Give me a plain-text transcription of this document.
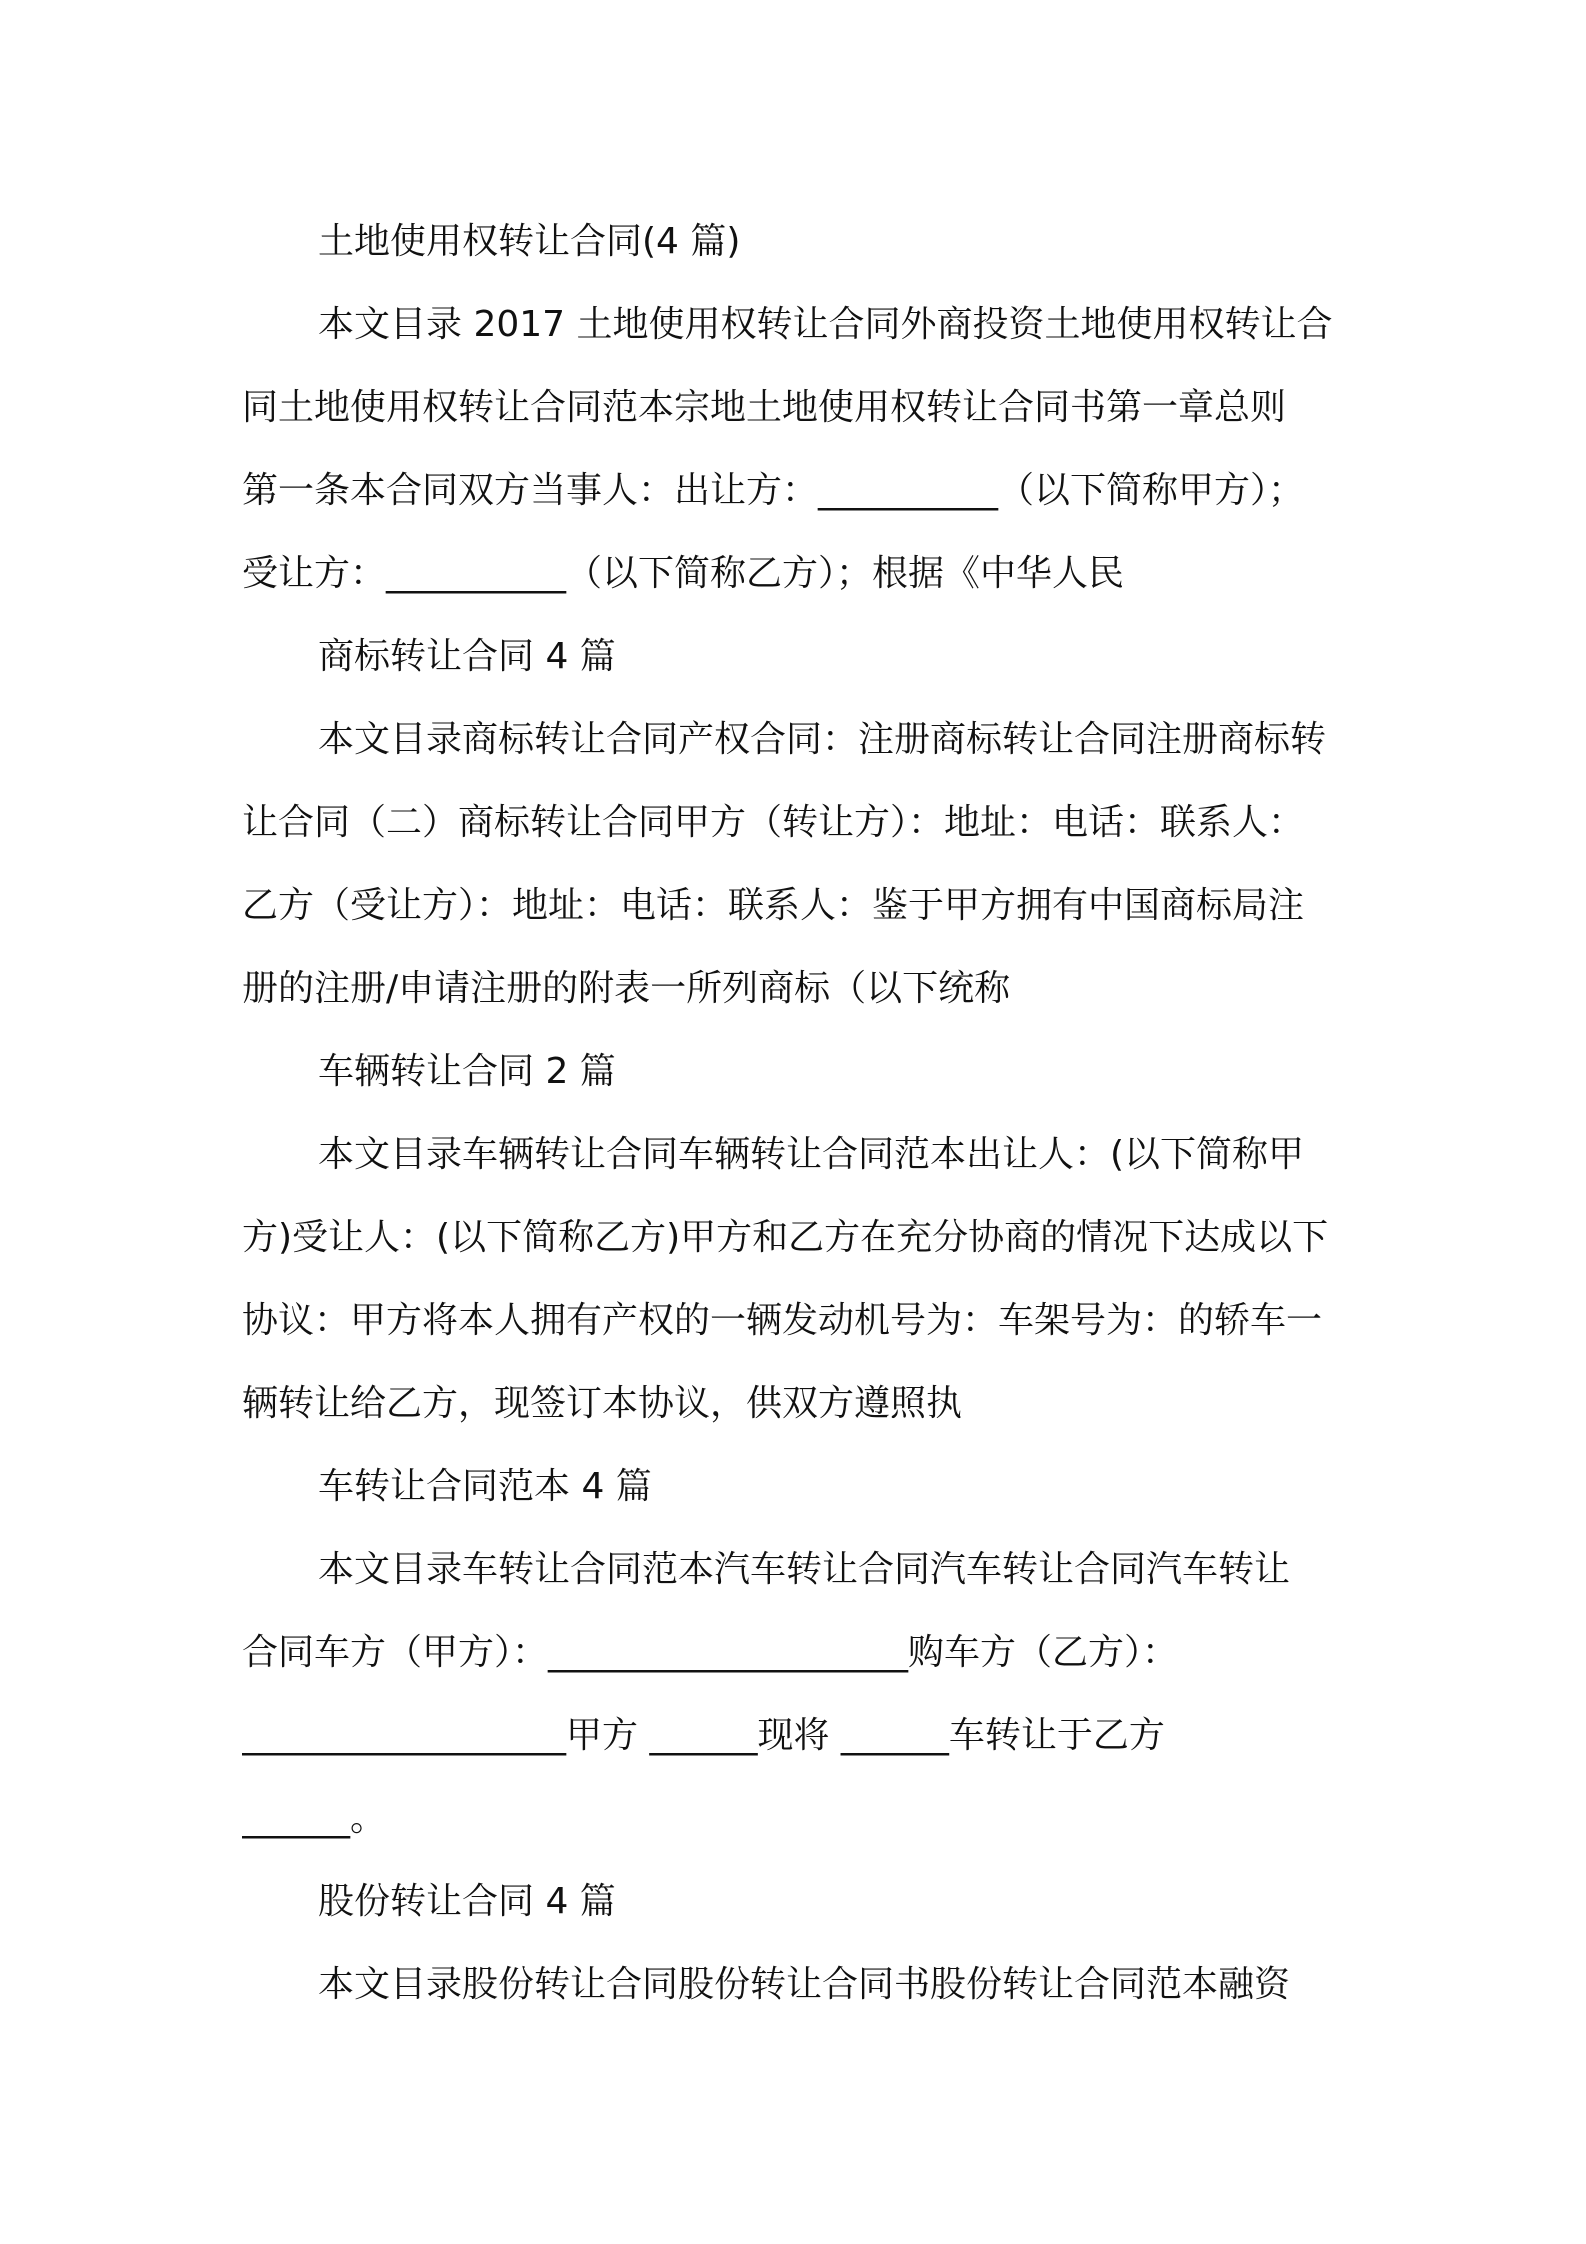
土地使用权转让合同(4 篇)
本文目录 2017 土地使用权转让合同外商投资土地使用权转让合
同土地使用权转让合同范本宗地土地使用权转让合同书第一章总则
第一条本合同双方当事人：出让方：__________（以下简称甲方）；
受让方：__________（以下简称乙方）；根据《中华人民
商标转让合同 4 篇
本文目录商标转让合同产权合同：注册商标转让合同注册商标转
让合同（二）商标转让合同甲方（转让方）：地址：电话：联系人：
乙方（受让方）：地址：电话：联系人：鉴于甲方拥有中国商标局注
册的注册/申请注册的附表一所列商标（以下统称
车辆转让合同 2 篇
本文目录车辆转让合同车辆转让合同范本出让人：(以下简称甲
方)受让人：(以下简称乙方)甲方和乙方在充分协商的情况下达成以下
协议：甲方将本人拥有产权的一辆发动机号为：车架号为：的轿车一
辆转让给乙方，现签订本协议，供双方遵照执
车转让合同范本 4 篇
本文目录车转让合同范本汽车转让合同汽车转让合同汽车转让
合同车方（甲方）：____________________购车方（乙方）：
__________________甲方 ______现将 ______车转让于乙方
______。
股份转让合同 4 篇
本文目录股份转让合同股份转让合同书股份转让合同范本融资
